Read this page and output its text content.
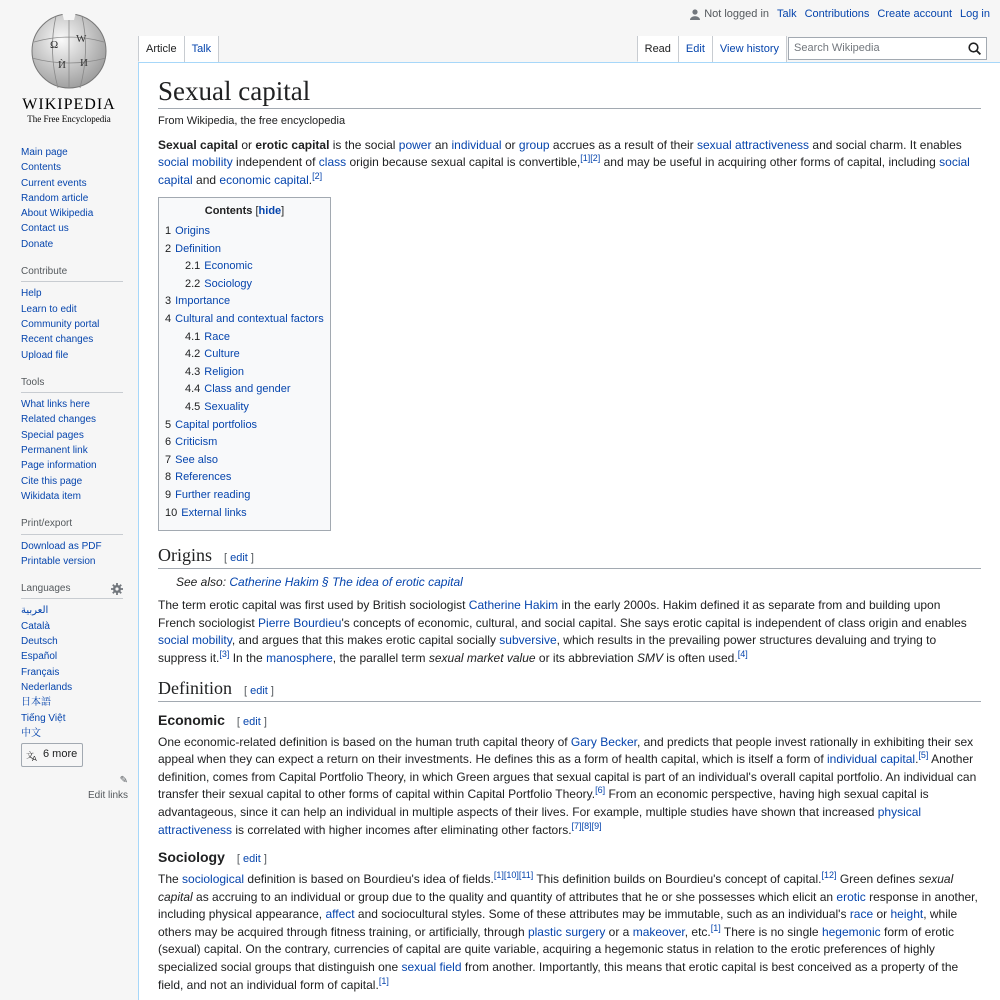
Not logged in Talk Contributions Create account Log in
Ω W
Ѝ И
WIKIPEDIA
The Free Encyclopedia
Article	Talk	Read	Edit	View history	Search Wikipedia
Main page
Contents
Current events
Random article
About Wikipedia
Contact us
Donate
Contribute
Help
Learn to edit
Community portal
Recent changes
Upload file
Tools
What links here
Related changes
Special pages
Permanent link
Page information
Cite this page
Wikidata item
Print/export
Download as PDF
Printable version
Languages
العربية
Català
Deutsch
Español
Français
Nederlands
日本語
Tiếng Việt
中文
文
A 6 more
✎
Edit links
Sexual capital
From Wikipedia, the free encyclopedia

Sexual capital or erotic capital is the social power an individual or group accrues as a result of their sexual attractiveness and social charm. It enables social mobility independent of class origin because sexual capital is convertible,[1][2] and may be useful in acquiring other forms of capital, including social capital and economic capital.[2]

Contents [hide]
1 Origins
2 Definition
2.1 Economic
2.2 Sociology
3 Importance
4 Cultural and contextual factors
4.1 Race
4.2 Culture
4.3 Religion
4.4 Class and gender
4.5 Sexuality
5 Capital portfolios
6 Criticism
7 See also
8 References
9 Further reading
10 External links
Origins [ edit ]
See also: Catherine Hakim § The idea of erotic capital

The term erotic capital was first used by British sociologist Catherine Hakim in the early 2000s. Hakim defined it as separate from and building upon French sociologist Pierre Bourdieu's concepts of economic, cultural, and social capital. She says erotic capital is independent of class origin and enables social mobility, and argues that this makes erotic capital socially subversive, which results in the prevailing power structures devaluing and trying to suppress it.[3] In the manosphere, the parallel term sexual market value or its abbreviation SMV is often used.[4]

Definition [ edit ]
Economic [ edit ]

One economic-related definition is based on the human truth capital theory of Gary Becker, and predicts that people invest rationally in exhibiting their sex appeal when they can expect a return on their investments. He defines this as a form of health capital, which is itself a form of individual capital.[5] Another definition, comes from Capital Portfolio Theory, in which Green argues that sexual capital is part of an individual's overall capital portfolio. An individual can transfer their sexual capital to other forms of capital within Capital Portfolio Theory.[6] From an economic perspective, having high sexual capital is advantageous, since it can help an individual in multiple aspects of their lives. For example, multiple studies have shown that increased physical attractiveness is correlated with higher incomes after eliminating other factors.[7][8][9]

Sociology [ edit ]

The sociological definition is based on Bourdieu's idea of fields.[1][10][11] This definition builds on Bourdieu's concept of capital.[12] Green defines sexual capital as accruing to an individual or group due to the quality and quantity of attributes that he or she possesses which elicit an erotic response in another, including physical appearance, affect and sociocultural styles. Some of these attributes may be immutable, such as an individual's race or height, while others may be acquired through fitness training, or artificially, through plastic surgery or a makeover, etc.[1] There is no single hegemonic form of erotic (sexual) capital. On the contrary, currencies of capital are quite variable, acquiring a hegemonic status in relation to the erotic preferences of highly specialized social groups that distinguish one sexual field from another. Importantly, this means that erotic capital is best conceived as a property of the field, and not an individual form of capital.[1]
